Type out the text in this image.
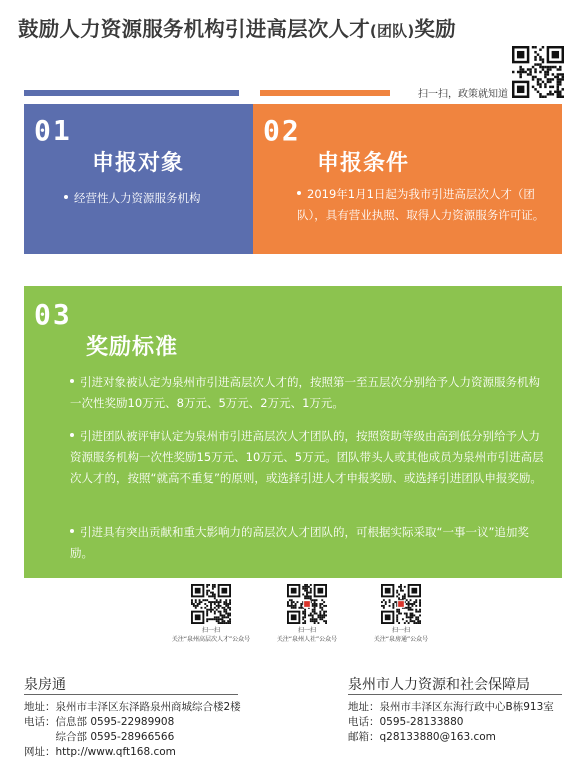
鼓励人力资源服务机构引进高层次人才(团队)奖励
扫一扫，政策就知道
01
申报对象
经营性人力资源服务机构
02
申报条件
2019年1月1日起为我市引进高层次人才（团队），具有营业执照、取得人力资源服务许可证。
03
奖励标准
引进对象被认定为泉州市引进高层次人才的，按照第一至五层次分别给予人力资源服务机构一次性奖励10万元、8万元、5万元、2万元、1万元。
引进团队被评审认定为泉州市引进高层次人才团队的，按照资助等级由高到低分别给予人力资源服务机构一次性奖励15万元、10万元、5万元。团队带头人或其他成员为泉州市引进高层次人才的，按照“就高不重复”的原则，或选择引进人才申报奖励、或选择引进团队申报奖励。
引进具有突出贡献和重大影响力的高层次人才团队的，可根据实际采取“一事一议”追加奖励。
扫一扫
关注“泉州高层次人才”公众号
扫一扫
关注“泉州人社”公众号
扫一扫
关注“泉房通”公众号
泉房通
地址：泉州市丰泽区东泽路泉州商城综合楼2楼
电话：信息部 0595-22989908
　　　综合部 0595-28966566
网址：http://www.qft168.com
泉州市人力资源和社会保障局
地址：泉州市丰泽区东海行政中心B栋913室
电话：0595-28133880
邮箱：q28133880@163.com
